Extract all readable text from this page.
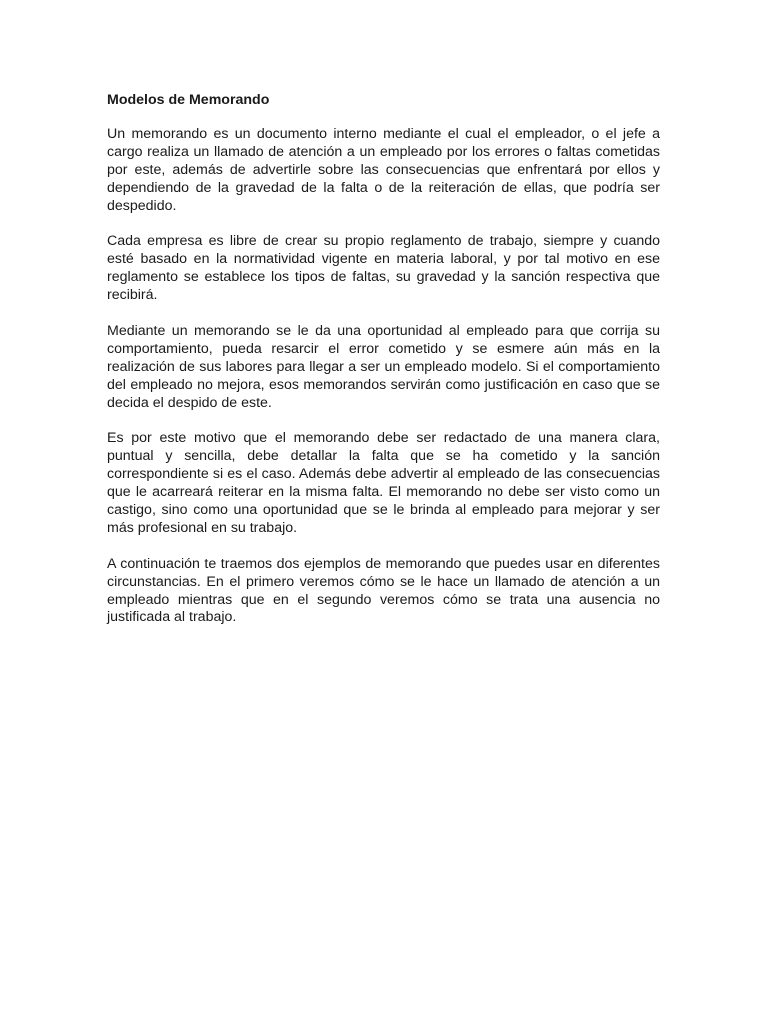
Modelos de Memorando

Un memorando es un documento interno mediante el cual el empleador, o el jefe a cargo realiza un llamado de atención a un empleado por los errores o faltas cometidas por este, además de advertirle sobre las consecuencias que enfrentará por ellos y dependiendo de la gravedad de la falta o de la reiteración de ellas, que podría ser despedido.

Cada empresa es libre de crear su propio reglamento de trabajo, siempre y cuando esté basado en la normatividad vigente en materia laboral, y por tal motivo en ese reglamento se establece los tipos de faltas, su gravedad y la sanción respectiva que recibirá.

Mediante un memorando se le da una oportunidad al empleado para que corrija su comportamiento, pueda resarcir el error cometido y se esmere aún más en la realización de sus labores para llegar a ser un empleado modelo. Si el comportamiento del empleado no mejora, esos memorandos servirán como justificación en caso que se decida el despido de este.

Es por este motivo que el memorando debe ser redactado de una manera clara, puntual y sencilla, debe detallar la falta que se ha cometido y la sanción correspondiente si es el caso. Además debe advertir al empleado de las consecuencias que le acarreará reiterar en la misma falta. El memorando no debe ser visto como un castigo, sino como una oportunidad que se le brinda al empleado para mejorar y ser más profesional en su trabajo.

A continuación te traemos dos ejemplos de memorando que puedes usar en diferentes circunstancias. En el primero veremos cómo se le hace un llamado de atención a un empleado mientras que en el segundo veremos cómo se trata una ausencia no justificada al trabajo.
